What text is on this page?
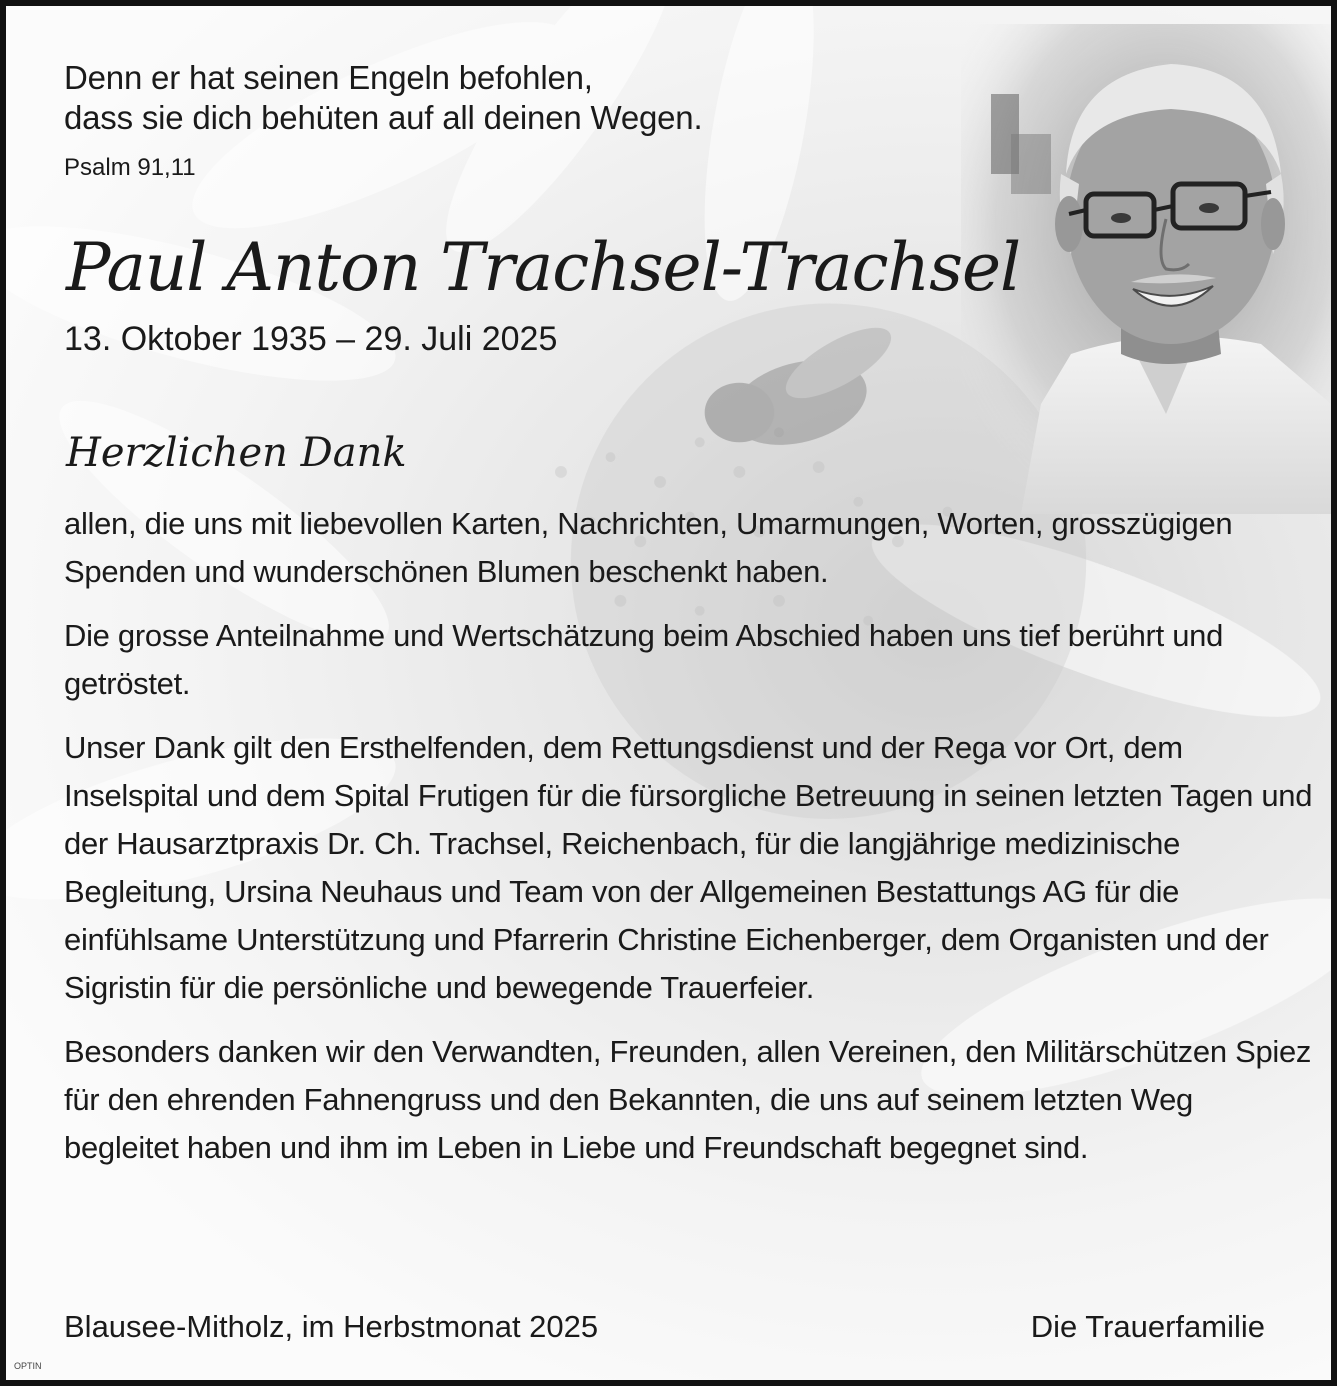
Denn er hat seinen Engeln befohlen,
dass sie dich behüten auf all deinen Wegen.
Psalm 91,11
Paul Anton Trachsel-Trachsel
13. Oktober 1935 – 29. Juli 2025
Herzlichen Dank

allen, die uns mit liebevollen Karten, Nachrichten, Umarmungen, Worten, grosszügigen Spenden und wunderschönen Blumen beschenkt haben.

Die grosse Anteilnahme und Wertschätzung beim Abschied haben uns tief berührt und getröstet.

Unser Dank gilt den Ersthelfenden, dem Rettungsdienst und der Rega vor Ort, dem Inselspital und dem Spital Frutigen für die fürsorgliche Betreuung in seinen letzten Tagen und der Hausarztpraxis Dr. Ch. Trachsel, Reichenbach, für die langjährige medizinische Begleitung, Ursina Neuhaus und Team von der Allgemeinen Bestattungs AG für die einfühlsame Unterstützung und Pfarrerin Christine Eichenberger, dem Organisten und der Sigristin für die persönliche und bewegende Trauerfeier.

Besonders danken wir den Verwandten, Freunden, allen Vereinen, den Militärschützen Spiez für den ehrenden Fahnengruss und den Bekannten, die uns auf seinem letzten Weg begleitet haben und ihm im Leben in Liebe und Freundschaft begegnet sind.

Blausee-Mitholz, im Herbstmonat 2025	Die Trauerfamilie
OPTIN
